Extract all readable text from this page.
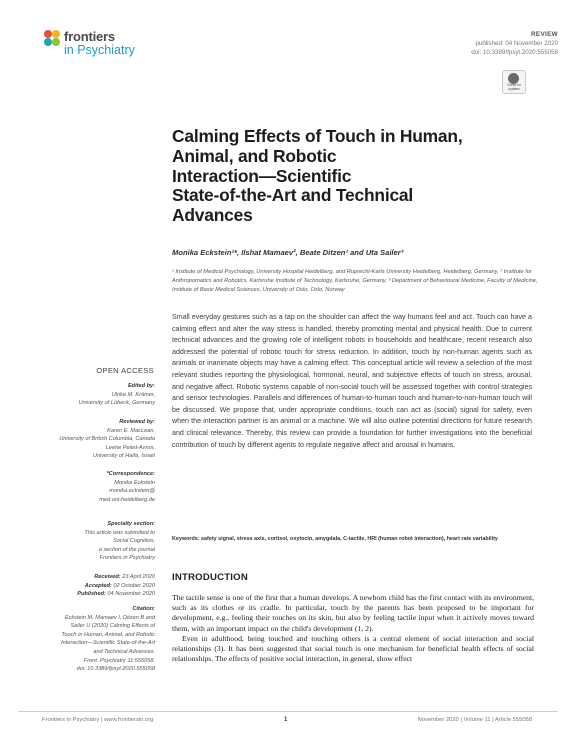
frontiers
in Psychiatry
REVIEW
published: 04 November 2020
doi: 10.3389/fpsyt.2020.555058
Check for updates
Calming Effects of Touch in Human,
Animal, and Robotic
Interaction—Scientific
State-of-the-Art and Technical
Advances
Monika Eckstein¹*, Ilshat Mamaev², Beate Ditzen¹ and Uta Sailer³
¹ Institute of Medical Psychology, University Hospital Heidelberg, and Ruprecht-Karls University Heidelberg, Heidelberg, Germany, ² Institute for Anthropomatics and Robotics, Karlsruhe Institute of Technology, Karlsruhe, Germany, ³ Department of Behavioural Medicine, Faculty of Medicine, Institute of Basic Medical Sciences, University of Oslo, Oslo, Norway
Small everyday gestures such as a tap on the shoulder can affect the way humans feel and act. Touch can have a calming effect and alter the way stress is handled, thereby promoting mental and physical health. Due to current technical advances and the growing role of intelligent robots in households and healthcare, recent research also addressed the potential of robotic touch for stress reduction. In addition, touch by non-human agents such as animals or inanimate objects may have a calming effect. This conceptual article will review a selection of the most relevant studies reporting the physiological, hormonal, neural, and subjective effects of touch on stress, arousal, and negative affect. Robotic systems capable of non-social touch will be assessed together with control strategies and sensor technologies. Parallels and differences of human-to-human touch and human-to-non-human touch will be discussed. We propose that, under appropriate conditions, touch can act as (social) signal for safety, even when the interaction partner is an animal or a machine. We will also outline potential directions for future research and clinical relevance. Thereby, this review can provide a foundation for further investigations into the beneficial contribution of touch by different agents to regulate negative affect and arousal in humans.
Keywords: safety signal, stress axis, cortisol, oxytocin, amygdala, C-tactile, HRI (human robot interaction), heart rate variability
OPEN ACCESS
Edited by:
Ulrike M. Krämer,
University of Lübeck, Germany
Reviewed by:
Karen E. MacLean,
University of British Columbia, Canada
Leehe Peled-Avron,
University of Haifa, Israel
*Correspondence:
Monika Eckstein
monika.eckstein@
med.uni-heidelberg.de
Specialty section:
This article was submitted to
Social Cognition,
a section of the journal
Frontiers in Psychiatry
Received: 23 April 2020
Accepted: 02 October 2020
Published: 04 November 2020
Citation:
Eckstein M, Mamaev I, Ditzen B and
Sailer U (2020) Calming Effects of
Touch in Human, Animal, and Robotic
Interaction—Scientific State-of-the-Art
and Technical Advances.
Front. Psychiatry 11:555058.
doi: 10.3389/fpsyt.2020.555058
INTRODUCTION

The tactile sense is one of the first that a human develops. A newborn child has the first contact with its environment, such as its clothes or its cradle. In particular, touch by the parents has been proposed to be important for development, e.g., feeling their touches on its skin, but also by feeling tactile input when it actively moves toward them, with an important impact on the child's development (1, 2).

Even in adulthood, being touched and touching others is a central element of social interaction and social relationships (3). It has been suggested that social touch is one mechanism for beneficial health effects of social relationships. The effects of positive social interaction, in general, show effect

Frontiers in Psychiatry | www.frontiersin.org	1	November 2020 | Volume 11 | Article 555058
